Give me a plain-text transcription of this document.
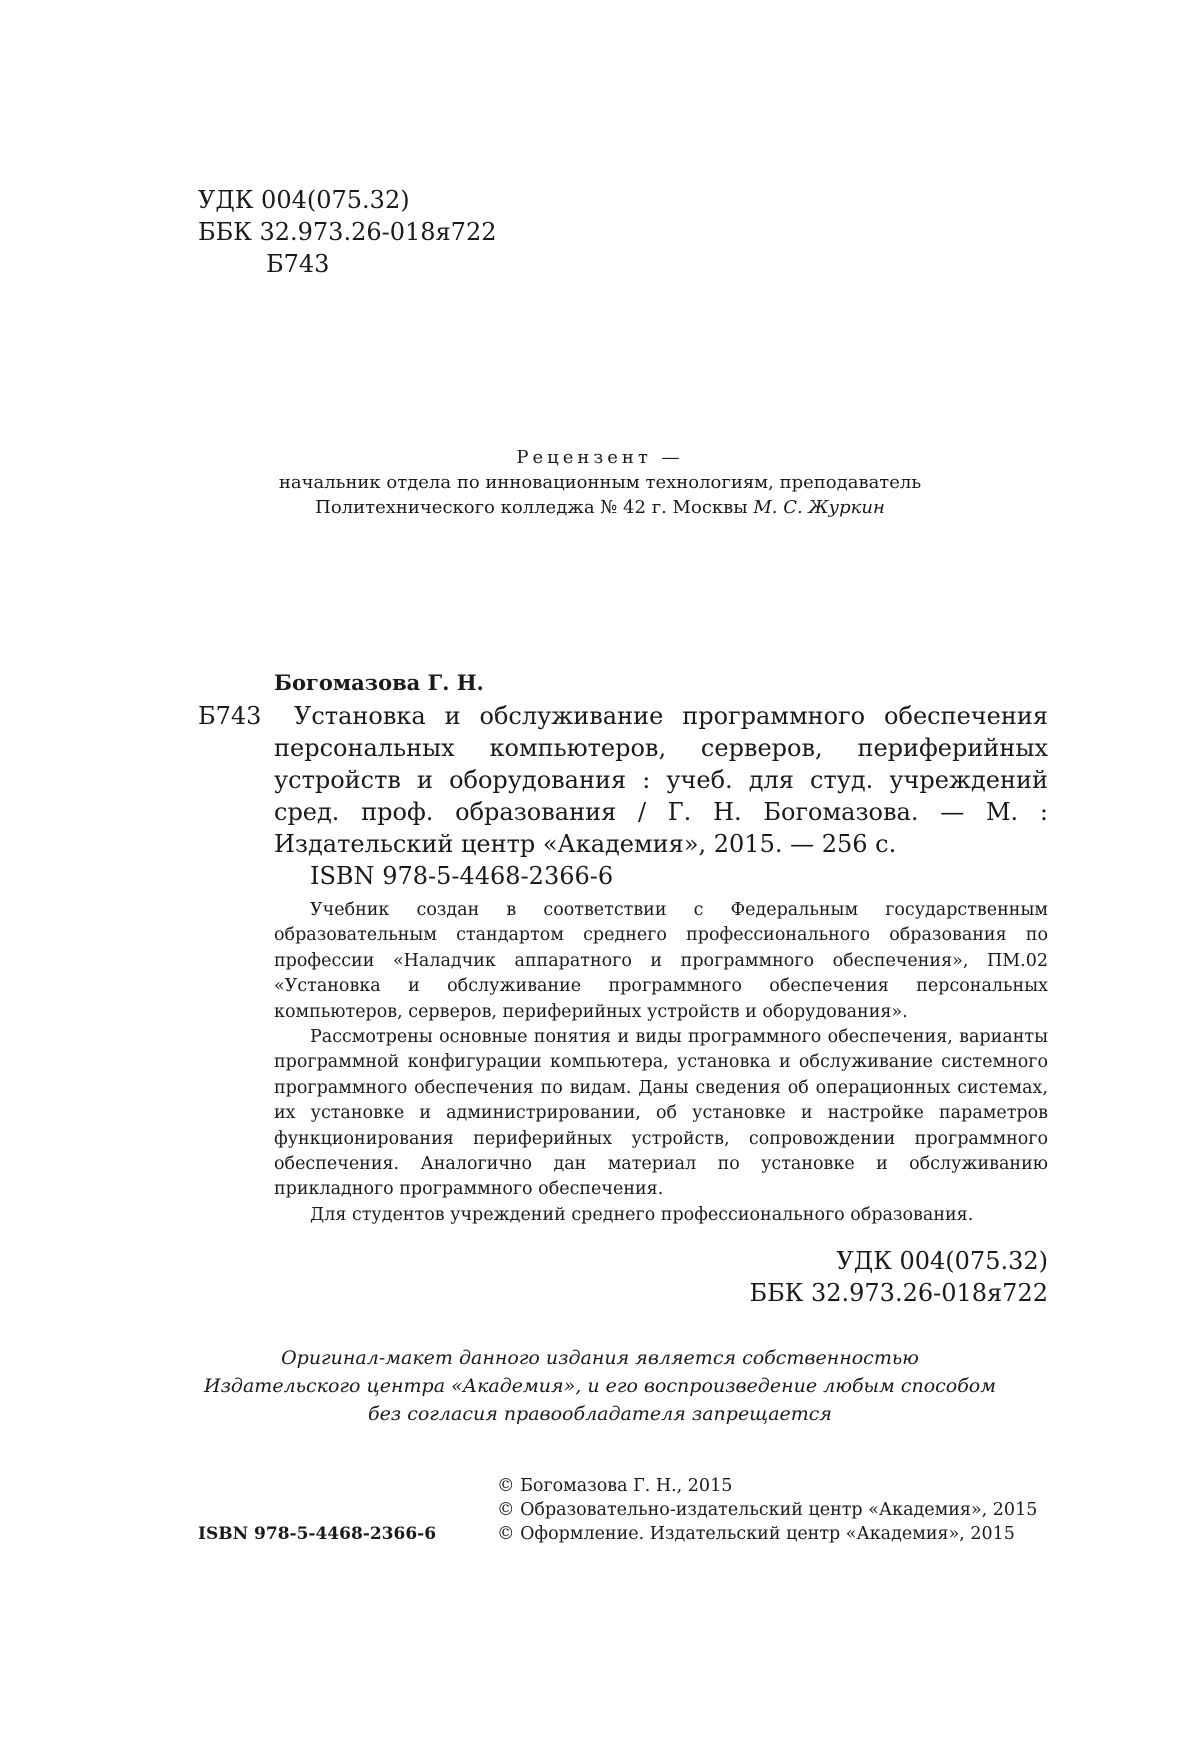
УДК 004(075.32)
ББК 32.973.26-018я722
Б743
Рецензент —
начальник отдела по инновационным технологиям, преподаватель
Политехнического колледжа № 42 г. Москвы М. С. Журкин
Богомазова Г. Н.
Б743	Установка и обслуживание программного обеспечения персональных компьютеров, серверов, периферийных устройств и оборудования : учеб. для студ. учреждений сред. проф. образования / Г. Н. Богомазова. — М. : Издательский центр «Академия», 2015. — 256 с.
ISBN 978-5-4468-2366-6

Учебник создан в соответствии с Федеральным государственным образовательным стандартом среднего профессионального образования по профессии «Наладчик аппаратного и программного обеспечения», ПМ.02 «Установка и обслуживание программного обеспечения персональных компьютеров, серверов, периферийных устройств и оборудования».

Рассмотрены основные понятия и виды программного обеспечения, варианты программной конфигурации компьютера, установка и обслуживание системного программного обеспечения по видам. Даны сведения об операционных системах, их установке и администрировании, об установке и настройке параметров функционирования периферийных устройств, сопровождении программного обеспечения. Аналогично дан материал по установке и обслуживанию прикладного программного обеспечения.

Для студентов учреждений среднего профессионального образования.

УДК 004(075.32)
ББК 32.973.26-018я722
Оригинал-макет данного издания является собственностью
Издательского центра «Академия», и его воспроизведение любым способом
без согласия правообладателя запрещается
© Богомазова Г. Н., 2015
© Образовательно-издательский центр «Академия», 2015
© Оформление. Издательский центр «Академия», 2015
ISBN 978-5-4468-2366-6
